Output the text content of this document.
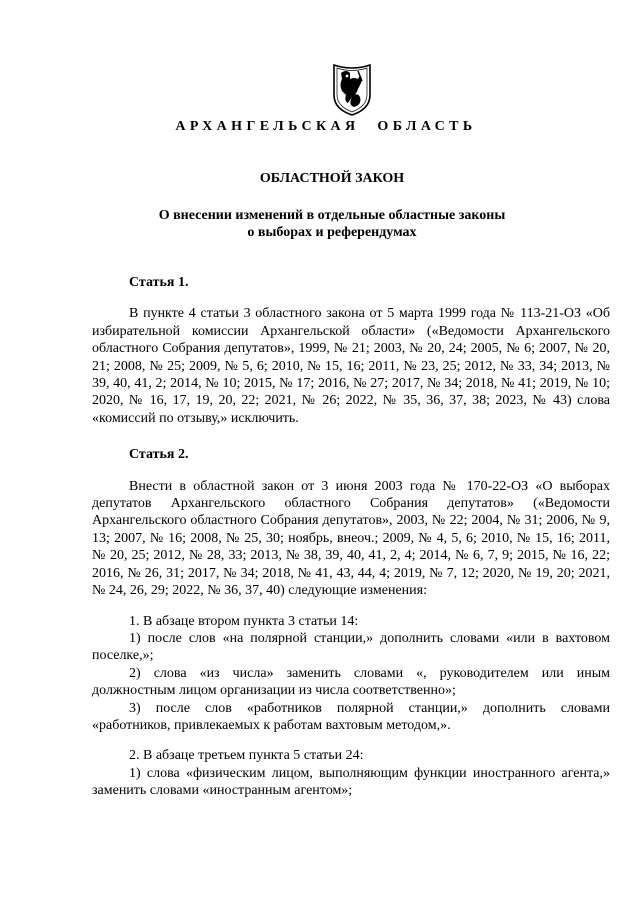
АРХАНГЕЛЬСКАЯ ОБЛАСТЬ
ОБЛАСТНОЙ ЗАКОН
О внесении изменений в отдельные областные законы
о выборах и референдумах
Статья 1.

В пункте 4 статьи 3 областного закона от 5 марта 1999 года № 113-21-ОЗ «Об избирательной комиссии Архангельской области» («Ведомости Архангельского областного Собрания депутатов», 1999, № 21; 2003, № 20, 24; 2005, № 6; 2007, № 20, 21; 2008, № 25; 2009, № 5, 6; 2010, № 15, 16; 2011, № 23, 25; 2012, № 33, 34; 2013, № 39, 40, 41, 2; 2014, № 10; 2015, № 17; 2016, № 27; 2017, № 34; 2018, № 41; 2019, № 10; 2020, № 16, 17, 19, 20, 22; 2021, № 26; 2022, № 35, 36, 37, 38; 2023, № 43) слова «комиссий по отзыву,» исключить.

Статья 2.

Внести в областной закон от 3 июня 2003 года № 170-22-ОЗ «О выборах депутатов Архангельского областного Собрания депутатов» («Ведомости Архангельского областного Собрания депутатов», 2003, № 22; 2004, № 31; 2006, № 9, 13; 2007, № 16; 2008, № 25, 30; ноябрь, внеоч.; 2009, № 4, 5, 6; 2010, № 15, 16; 2011, № 20, 25; 2012, № 28, 33; 2013, № 38, 39, 40, 41, 2, 4; 2014, № 6, 7, 9; 2015, № 16, 22; 2016, № 26, 31; 2017, № 34; 2018, № 41, 43, 44, 4; 2019, № 7, 12; 2020, № 19, 20; 2021, № 24, 26, 29; 2022, № 36, 37, 40) следующие изменения:

1. В абзаце втором пункта 3 статьи 14:

1) после слов «на полярной станции,» дополнить словами «или в вахтовом поселке,»;

2) слова «из числа» заменить словами «, руководителем или иным должностным лицом организации из числа соответственно»;

3) после слов «работников полярной станции,» дополнить словами «работников, привлекаемых к работам вахтовым методом,».

2. В абзаце третьем пункта 5 статьи 24:

1) слова «физическим лицом, выполняющим функции иностранного агента,» заменить словами «иностранным агентом»;
